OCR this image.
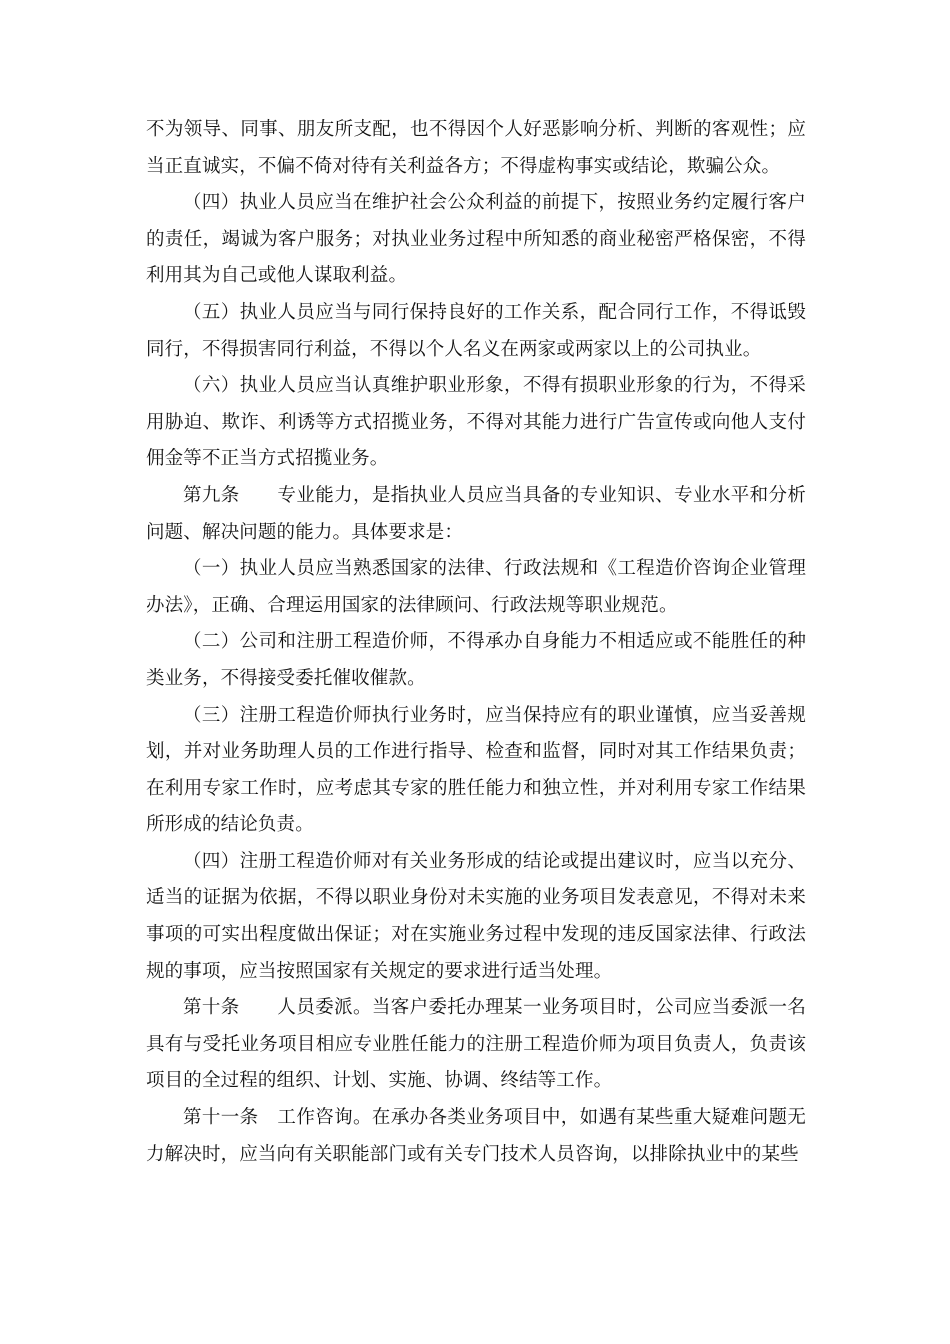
不为领导、同事、朋友所支配，也不得因个人好恶影响分析、判断的客观性；应当正直诚实，不偏不倚对待有关利益各方；不得虚构事实或结论，欺骗公众。

（四）执业人员应当在维护社会公众利益的前提下，按照业务约定履行客户的责任，竭诚为客户服务；对执业业务过程中所知悉的商业秘密严格保密，不得利用其为自己或他人谋取利益。

（五）执业人员应当与同行保持良好的工作关系，配合同行工作，不得诋毁同行，不得损害同行利益，不得以个人名义在两家或两家以上的公司执业。

（六）执业人员应当认真维护职业形象，不得有损职业形象的行为，不得采用胁迫、欺诈、利诱等方式招揽业务，不得对其能力进行广告宣传或向他人支付佣金等不正当方式招揽业务。

第九条　　专业能力，是指执业人员应当具备的专业知识、专业水平和分析问题、解决问题的能力。具体要求是：

（一）执业人员应当熟悉国家的法律、行政法规和《工程造价咨询企业管理办法》，正确、合理运用国家的法律顾问、行政法规等职业规范。

（二）公司和注册工程造价师，不得承办自身能力不相适应或不能胜任的种类业务，不得接受委托催收催款。

（三）注册工程造价师执行业务时，应当保持应有的职业谨慎，应当妥善规划，并对业务助理人员的工作进行指导、检查和监督，同时对其工作结果负责；在利用专家工作时，应考虑其专家的胜任能力和独立性，并对利用专家工作结果所形成的结论负责。

（四）注册工程造价师对有关业务形成的结论或提出建议时，应当以充分、适当的证据为依据，不得以职业身份对未实施的业务项目发表意见，不得对未来事项的可实出程度做出保证；对在实施业务过程中发现的违反国家法律、行政法规的事项，应当按照国家有关规定的要求进行适当处理。

第十条　　人员委派。当客户委托办理某一业务项目时，公司应当委派一名具有与受托业务项目相应专业胜任能力的注册工程造价师为项目负责人，负责该项目的全过程的组织、计划、实施、协调、终结等工作。

第十一条　工作咨询。在承办各类业务项目中，如遇有某些重大疑难问题无力解决时，应当向有关职能部门或有关专门技术人员咨询，以排除执业中的某些
